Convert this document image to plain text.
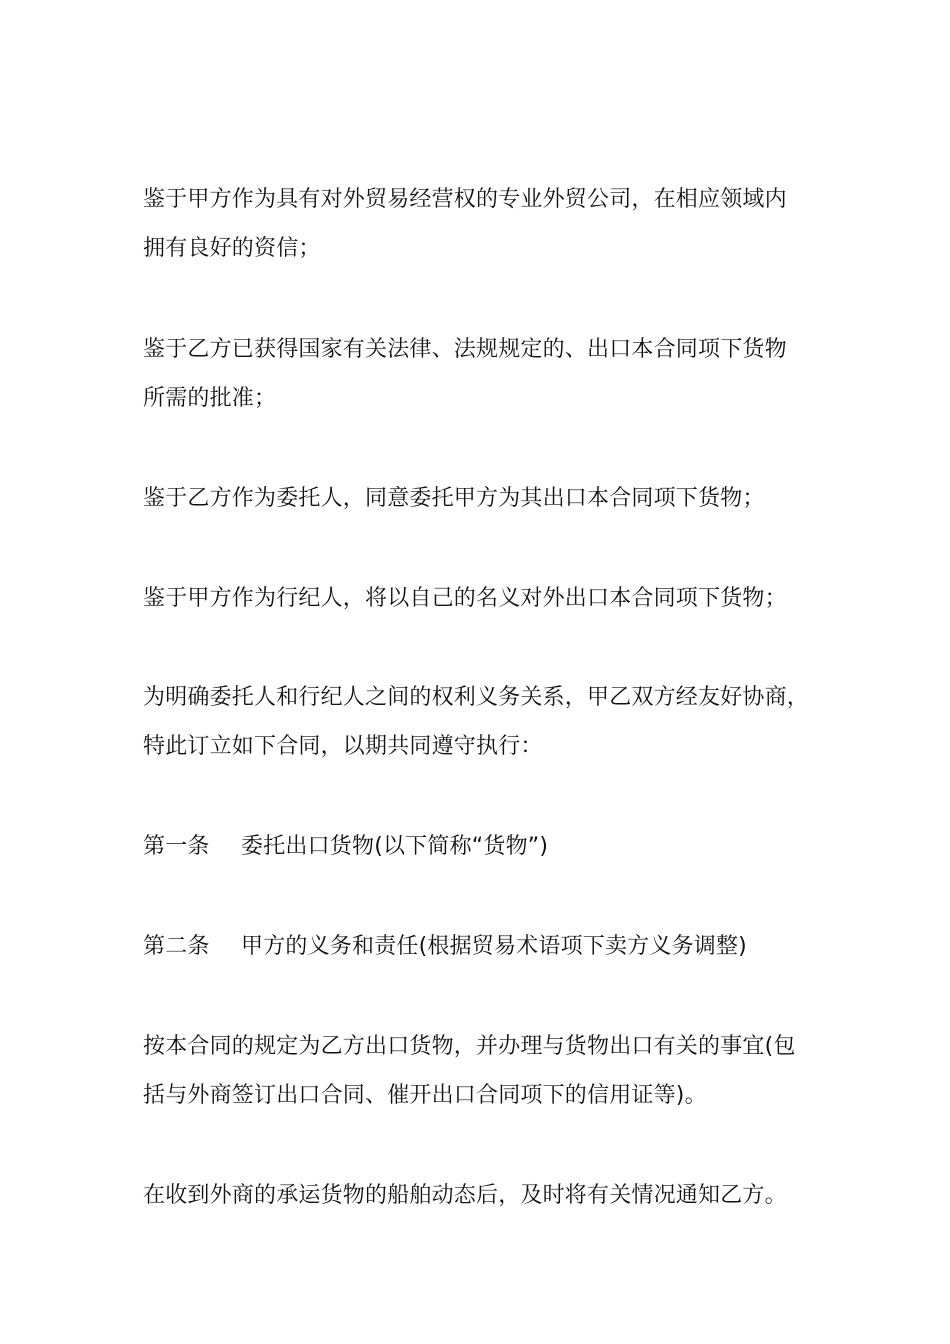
鉴于甲方作为具有对外贸易经营权的专业外贸公司，在相应领域内
拥有良好的资信；
鉴于乙方已获得国家有关法律、法规规定的、出口本合同项下货物
所需的批准；
鉴于乙方作为委托人，同意委托甲方为其出口本合同项下货物；
鉴于甲方作为行纪人，将以自己的名义对外出口本合同项下货物；
为明确委托人和行纪人之间的权利义务关系，甲乙双方经友好协商，
特此订立如下合同，以期共同遵守执行：
第一条 委托出口货物(以下简称“货物”)
第二条 甲方的义务和责任(根据贸易术语项下卖方义务调整)
按本合同的规定为乙方出口货物，并办理与货物出口有关的事宜(包
括与外商签订出口合同、催开出口合同项下的信用证等)。
在收到外商的承运货物的船舶动态后，及时将有关情况通知乙方。
